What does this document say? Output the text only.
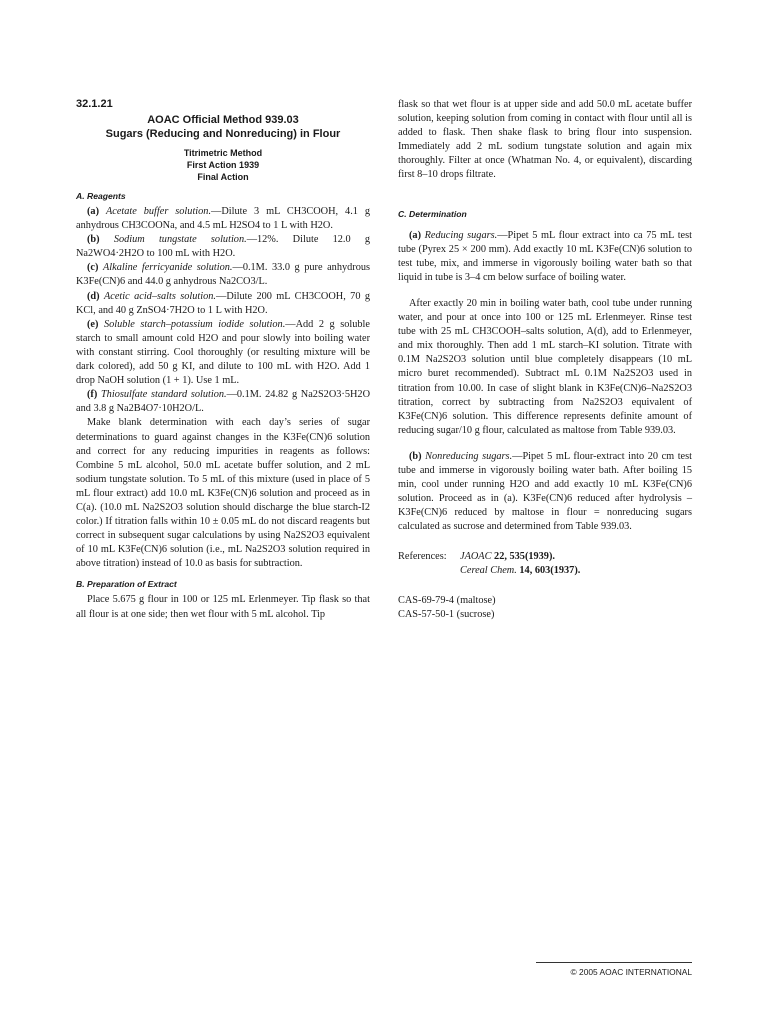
32.1.21
AOAC Official Method 939.03
Sugars (Reducing and Nonreducing) in Flour
Titrimetric Method
First Action 1939
Final Action
A. Reagents

(a) Acetate buffer solution.—Dilute 3 mL CH3COOH, 4.1 g anhydrous CH3COONa, and 4.5 mL H2SO4 to 1 L with H2O.

(b) Sodium tungstate solution.—12%. Dilute 12.0 g Na2WO4·2H2O to 100 mL with H2O.

(c) Alkaline ferricyanide solution.—0.1M. 33.0 g pure anhydrous K3Fe(CN)6 and 44.0 g anhydrous Na2CO3/L.

(d) Acetic acid–salts solution.—Dilute 200 mL CH3COOH, 70 g KCl, and 40 g ZnSO4·7H2O to 1 L with H2O.

(e) Soluble starch–potassium iodide solution.—Add 2 g soluble starch to small amount cold H2O and pour slowly into boiling water with constant stirring. Cool thoroughly (or resulting mixture will be dark colored), add 50 g KI, and dilute to 100 mL with H2O. Add 1 drop NaOH solution (1 + 1). Use 1 mL.

(f) Thiosulfate standard solution.—0.1M. 24.82 g Na2S2O3·5H2O and 3.8 g Na2B4O7·10H2O/L.

Make blank determination with each day’s series of sugar determinations to guard against changes in the K3Fe(CN)6 solution and correct for any reducing impurities in reagents as follows: Combine 5 mL alcohol, 50.0 mL acetate buffer solution, and 2 mL sodium tungstate solution. To 5 mL of this mixture (used in place of 5 mL flour extract) add 10.0 mL K3Fe(CN)6 solution and proceed as in C(a). (10.0 mL Na2S2O3 solution should discharge the blue starch-I2 color.) If titration falls within 10 ± 0.05 mL do not discard reagents but correct in subsequent sugar calculations by using Na2S2O3 equivalent of 10 mL K3Fe(CN)6 solution (i.e., mL Na2S2O3 solution required in above titration) instead of 10.0 as basis for subtraction.

B. Preparation of Extract

Place 5.675 g flour in 100 or 125 mL Erlenmeyer. Tip flask so that all flour is at one side; then wet flour with 5 mL alcohol. Tip

flask so that wet flour is at upper side and add 50.0 mL acetate buffer solution, keeping solution from coming in contact with flour until all is added to flask. Then shake flask to bring flour into suspension. Immediately add 2 mL sodium tungstate solution and again mix thoroughly. Filter at once (Whatman No. 4, or equivalent), discarding first 8–10 drops filtrate.

C. Determination

(a) Reducing sugars.—Pipet 5 mL flour extract into ca 75 mL test tube (Pyrex 25 × 200 mm). Add exactly 10 mL K3Fe(CN)6 solution to test tube, mix, and immerse in vigorously boiling water bath so that liquid in tube is 3–4 cm below surface of boiling water.

After exactly 20 min in boiling water bath, cool tube under running water, and pour at once into 100 or 125 mL Erlenmeyer. Rinse test tube with 25 mL CH3COOH–salts solution, A(d), add to Erlenmeyer, and mix thoroughly. Then add 1 mL starch–KI solution. Titrate with 0.1M Na2S2O3 solution until blue completely disappears (10 mL micro buret recommended). Subtract mL 0.1M Na2S2O3 used in titration from 10.00. In case of slight blank in K3Fe(CN)6–Na2S2O3 titration, correct by subtracting from Na2S2O3 equivalent of K3Fe(CN)6 solution. This difference represents definite amount of reducing sugar/10 g flour, calculated as maltose from Table 939.03.

(b) Nonreducing sugars.—Pipet 5 mL flour-extract into 20 cm test tube and immerse in vigorously boiling water bath. After boiling 15 min, cool under running H2O and add exactly 10 mL K3Fe(CN)6 solution. Proceed as in (a). K3Fe(CN)6 reduced after hydrolysis – K3Fe(CN)6 reduced by maltose in flour = nonreducing sugars calculated as sucrose and determined from Table 939.03.

References:	JAOAC 22, 535(1939).
Cereal Chem. 14, 603(1937).
CAS-69-79-4 (maltose)
CAS-57-50-1 (sucrose)
© 2005 AOAC INTERNATIONAL
